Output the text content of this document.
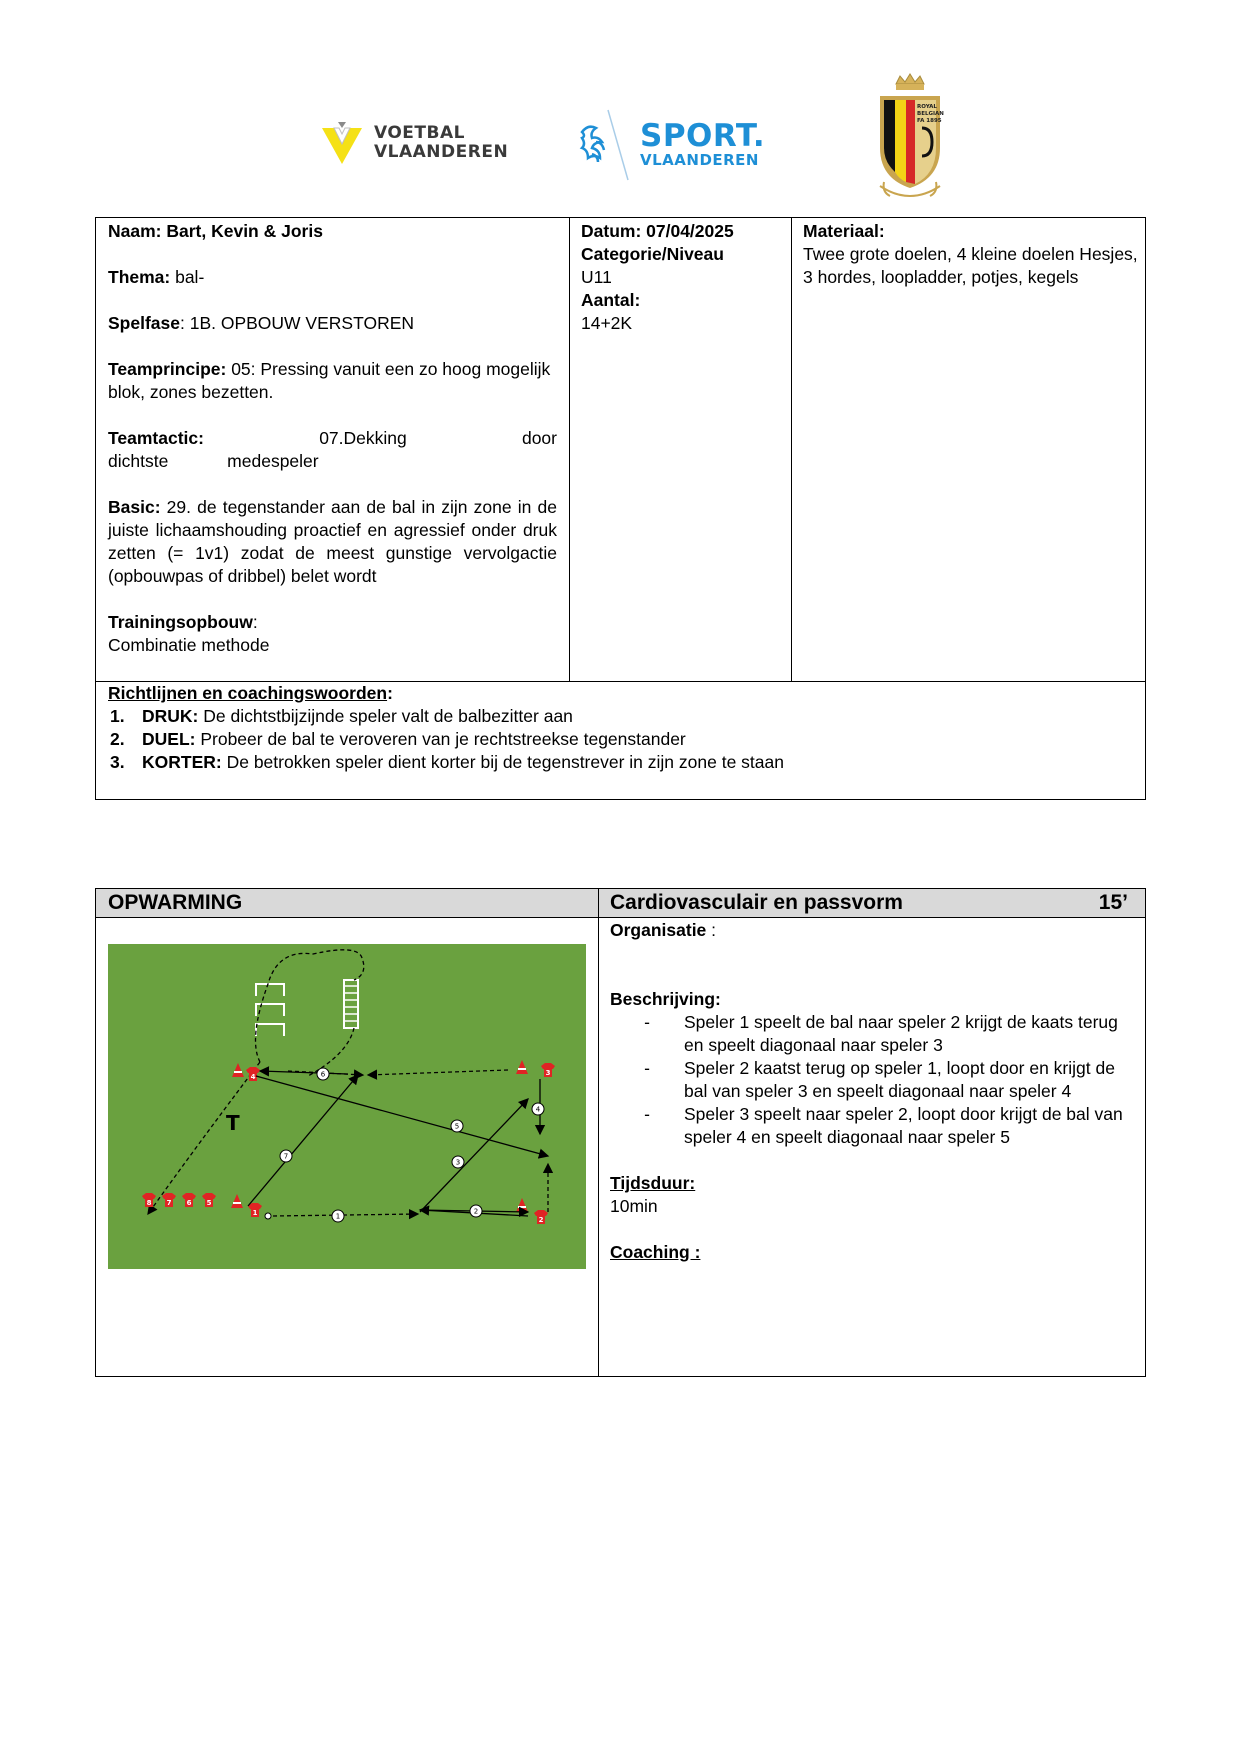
VOETBAL
VLAANDEREN	SPORT.
VLAANDEREN
ROYAL
BELGIAN
FA 1895
Naam: Bart, Kevin & Joris
Thema: bal-
Spelfase: 1B. OPBOUW VERSTOREN
Teamprincipe: 05: Pressing vanuit een zo hoog mogelijk blok, zones bezetten.
Teamtactic: 07.Dekking door dichtste medespeler
Basic: 29. de tegenstander aan de bal in zijn zone in de juiste lichaamshouding proactief en agressief onder druk zetten (= 1v1) zodat de meest gunstige vervolgactie (opbouwpas of dribbel) belet wordt
Trainingsopbouw:
Combinatie methode
Datum: 07/04/2025
Categorie/Niveau
U11
Aantal:
14+2K
Materiaal:
Twee grote doelen, 4 kleine doelen Hesjes, 3 hordes, loopladder, potjes, kegels
Richtlijnen en coachingswoorden:
1. DRUK: De dichtstbijzijnde speler valt de balbezitter aan
2. DUEL: Probeer de bal te veroveren van je rechtstreekse tegenstander
3. KORTER: De betrokken speler dient korter bij de tegenstrever in zijn zone te staan
OPWARMING	Cardiovasculair en passvorm	15’
4	3
1
2
8 7 6 5
T
1
2
3
4
5
6
7
Organisatie :
Beschrijving:
-	Speler 1 speelt de bal naar speler 2 krijgt de kaats terug en speelt diagonaal naar speler 3
-	Speler 2 kaatst terug op speler 1, loopt door en krijgt de bal van speler 3 en speelt diagonaal naar speler 4
-	Speler 3 speelt naar speler 2, loopt door krijgt de bal van speler 4 en speelt diagonaal naar speler 5
Tijdsduur:
10min
Coaching :
